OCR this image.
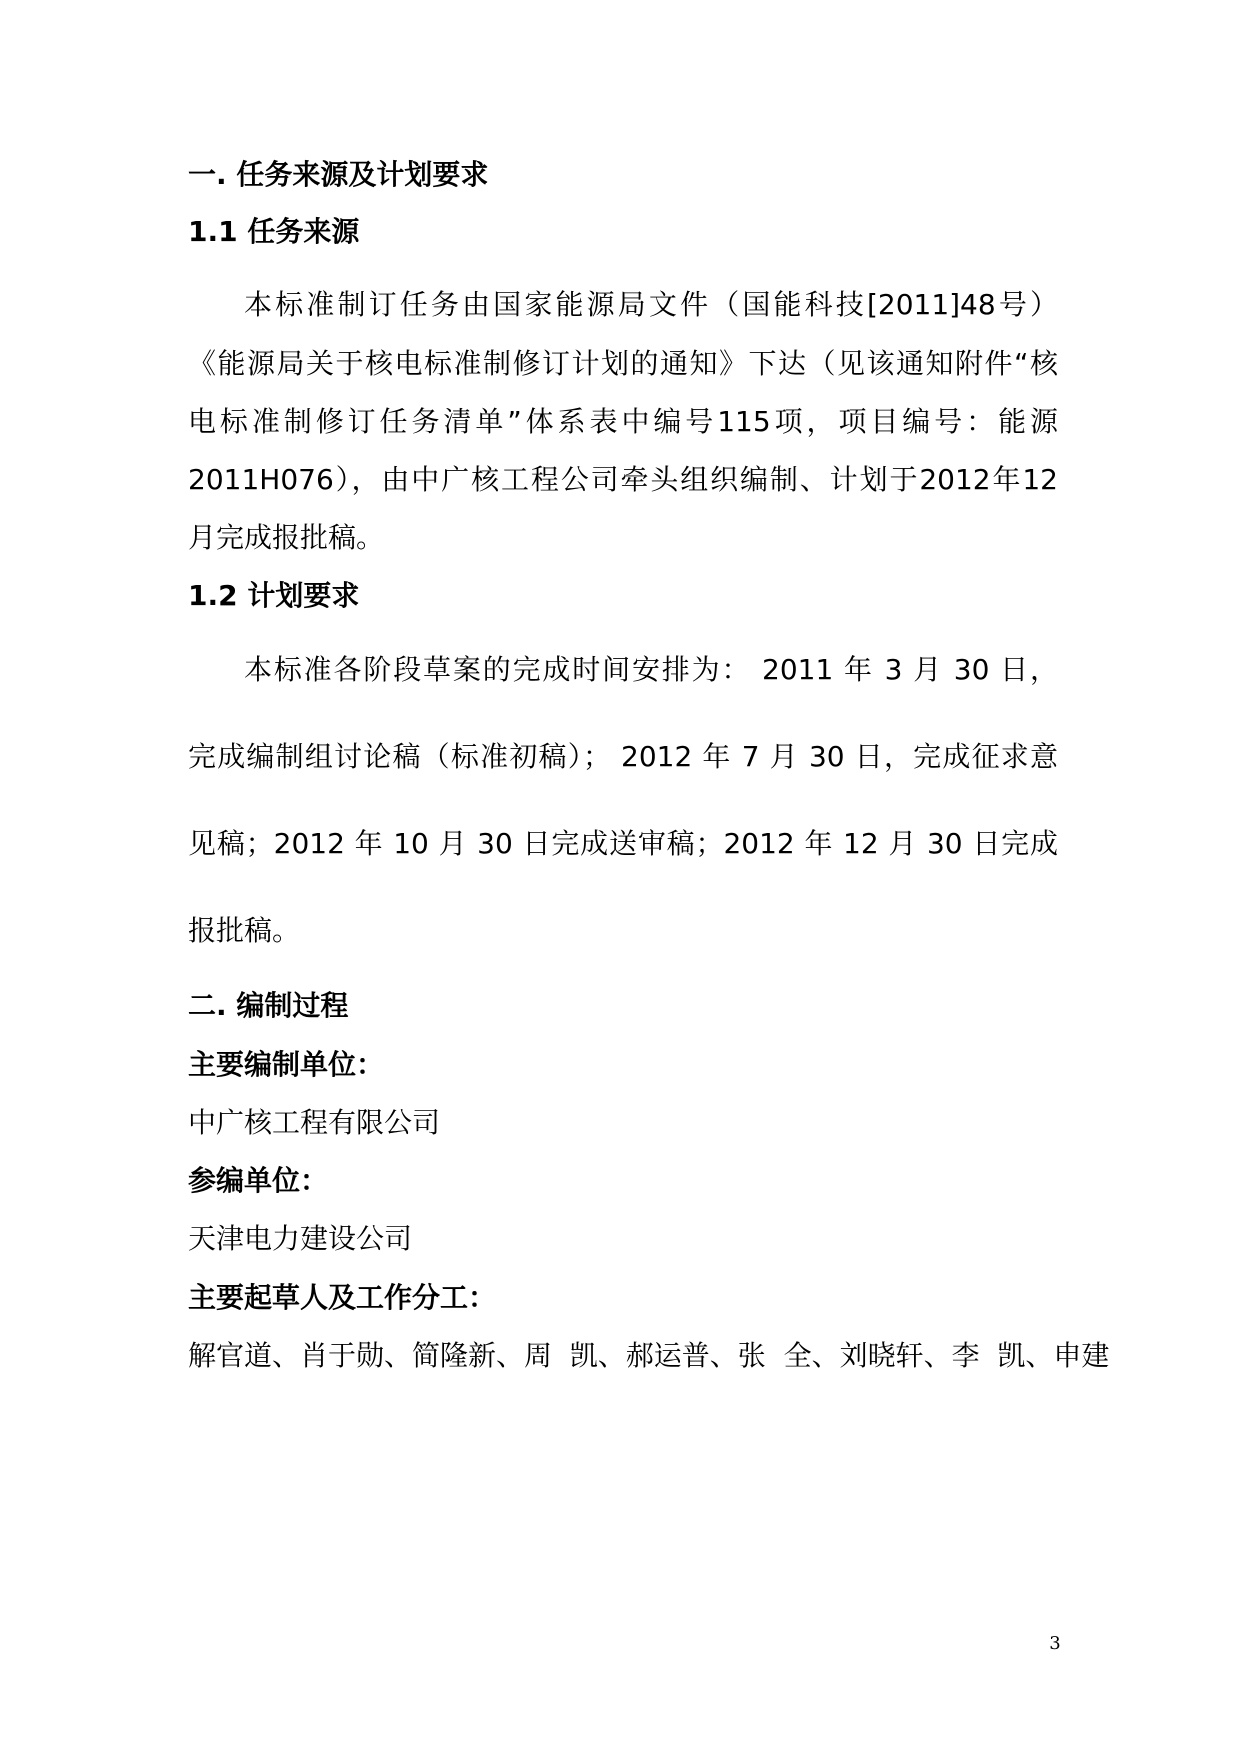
一. 任务来源及计划要求
1.1 任务来源
本标准制订任务由国家能源局文件（国能科技[2011]48号）
《能源局关于核电标准制修订计划的通知》下达（见该通知附件“核
电标准制修订任务清单”体系表中编号115项，项目编号：能源
2011H076），由中广核工程公司牵头组织编制、计划于2012年12
月完成报批稿。
1.2 计划要求
本标准各阶段草案的完成时间安排为： 2011 年 3 月 30 日，
完成编制组讨论稿（标准初稿）； 2012 年 7 月 30 日，完成征求意
见稿；2012 年 10 月 30 日完成送审稿；2012 年 12 月 30 日完成
报批稿。
二. 编制过程
主要编制单位：
中广核工程有限公司
参编单位：
天津电力建设公司
主要起草人及工作分工：
解官道、肖于勋、简隆新、周  凯、郝运普、张  全、刘晓轩、李  凯、申建
3
